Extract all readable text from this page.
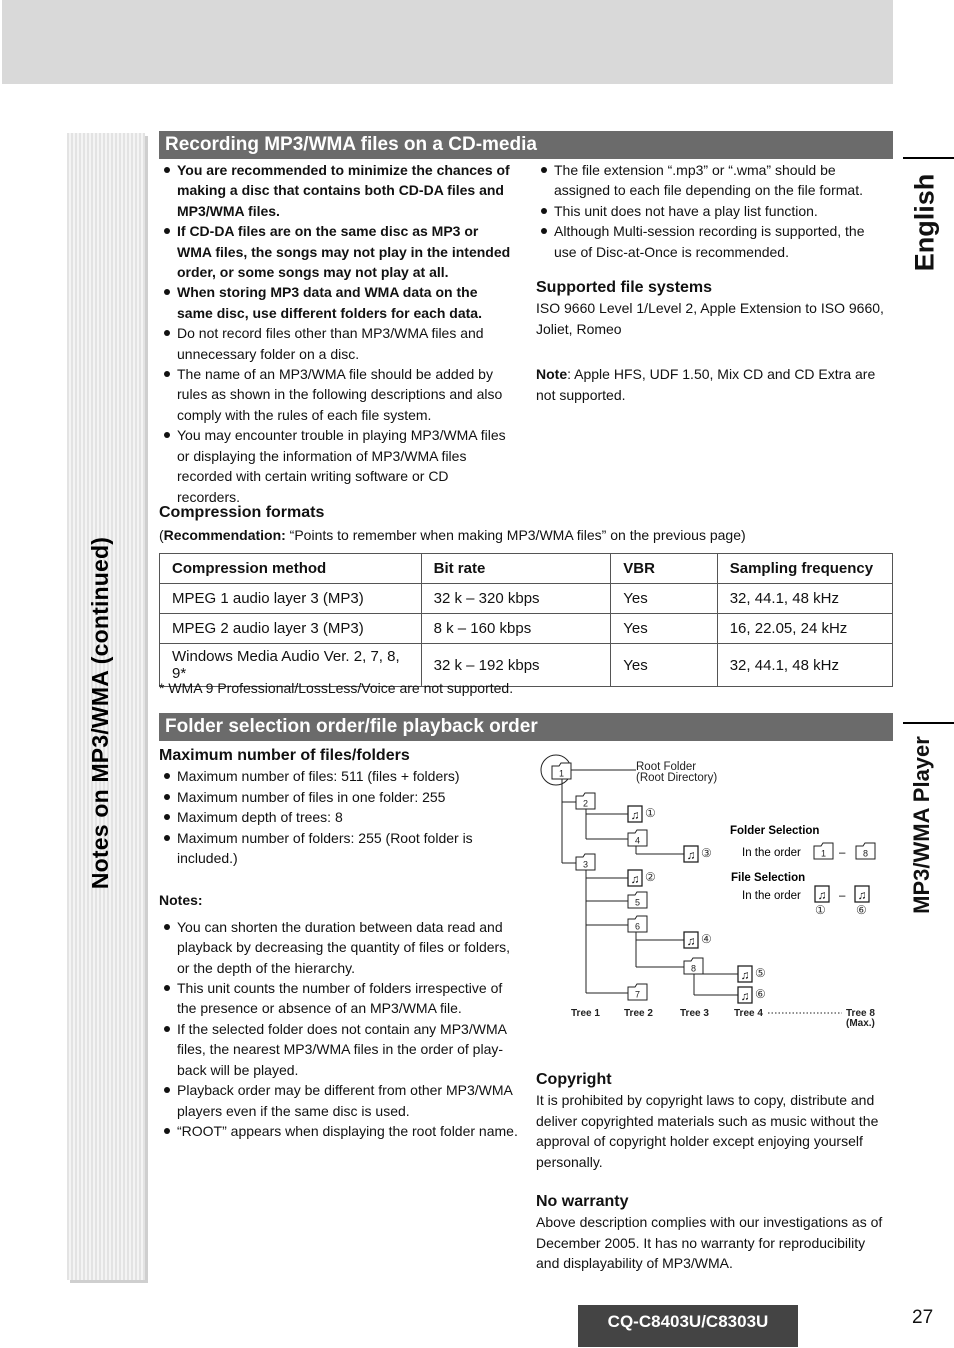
Notes on MP3/WMA (continued)
English
MP3/WMA Player
Recording MP3/WMA files on a CD-media
You are recommended to minimize the chances of making a disc that contains both CD-DA files and MP3/WMA files.
If CD-DA files are on the same disc as MP3 or WMA files, the songs may not play in the intended order, or some songs may not play at all.
When storing MP3 data and WMA data on the same disc, use different folders for each data.
Do not record files other than MP3/WMA files and unnecessary folder on a disc.
The name of an MP3/WMA file should be added by rules as shown in the following descriptions and also comply with the rules of each file system.
You may encounter trouble in playing MP3/WMA files or displaying the information of MP3/WMA files recorded with certain writing software or CD recorders.
The file extension “.mp3” or “.wma” should be assigned to each file depending on the file format.
This unit does not have a play list function.
Although Multi-session recording is supported, the use of Disc-at-Once is recommended.
Supported file systems

ISO 9660 Level 1/Level 2, Apple Extension to ISO 9660, Joliet, Romeo

Note: Apple HFS, UDF 1.50, Mix CD and CD Extra are not supported.

Compression formats

(Recommendation: “Points to remember when making MP3/WMA files” on the previous page)

Compression method	Bit rate	VBR	Sampling frequency
MPEG 1 audio layer 3 (MP3)	32 k – 320 kbps	Yes	32, 44.1, 48 kHz
MPEG 2 audio layer 3 (MP3)	8 k – 160 kbps	Yes	16, 22.05, 24 kHz
Windows Media Audio Ver. 2, 7, 8, 9*	32 k – 192 kbps	Yes	32, 44.1, 48 kHz
* WMA 9 Professional/LossLess/Voice are not supported.
Folder selection order/file playback order
Maximum number of files/folders
Maximum number of files: 511 (files + folders)
Maximum number of files in one folder: 255
Maximum depth of trees: 8
Maximum number of folders: 255 (Root folder is included.)
Notes:
You can shorten the duration between data read and playback by decreasing the quantity of files or folders, or the depth of the hierarchy.
This unit counts the number of folders irrespective of the presence or absence of an MP3/WMA file.
If the selected folder does not contain any MP3/WMA files, the nearest MP3/WMA files in the order of play-back will be played.
Playback order may be different from other MP3/WMA players even if the same disc is used.
“ROOT” appears when displaying the root folder name.
1
2
3
4
5
6
7
8
♫ ①
♫ ③
♫ ②
♫ ④
♫ ⑤
♫ ⑥
Root Folder
(Root Directory)
Folder Selection
In the order	–
File Selection
In the order	–
1	8
♫	♫
①	⑥
Tree 1 Tree 2	Tree 3	Tree 4	Tree 8
(Max.)
Copyright

It is prohibited by copyright laws to copy, distribute and deliver copyrighted materials such as music without the approval of copyright holder except enjoying yourself personally.

No warranty

Above description complies with our investigations as of December 2005. It has no warranty for reproducibility and displayability of MP3/WMA.

CQ-C8403U/C8303U	27
